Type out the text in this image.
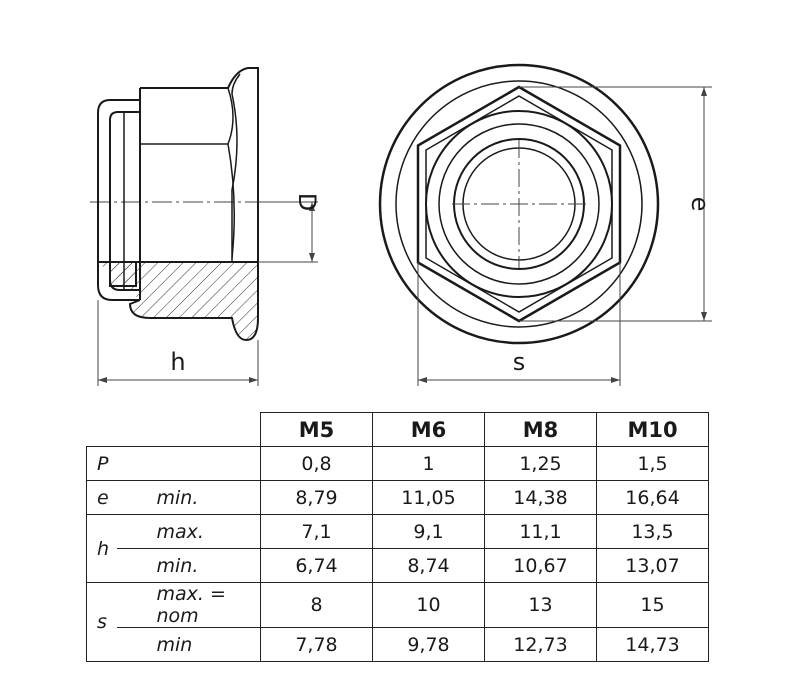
D
h
e
s
		M5	M6	M8	M10
P		0,8	1	1,25	1,5
e	min.	8,79	11,05	14,38	16,64
h	max.	7,1	9,1	11,1	13,5
	min.	6,74	8,74	10,67	13,07
s	max. = nom	8	10	13	15
	min	7,78	9,78	12,73	14,73
